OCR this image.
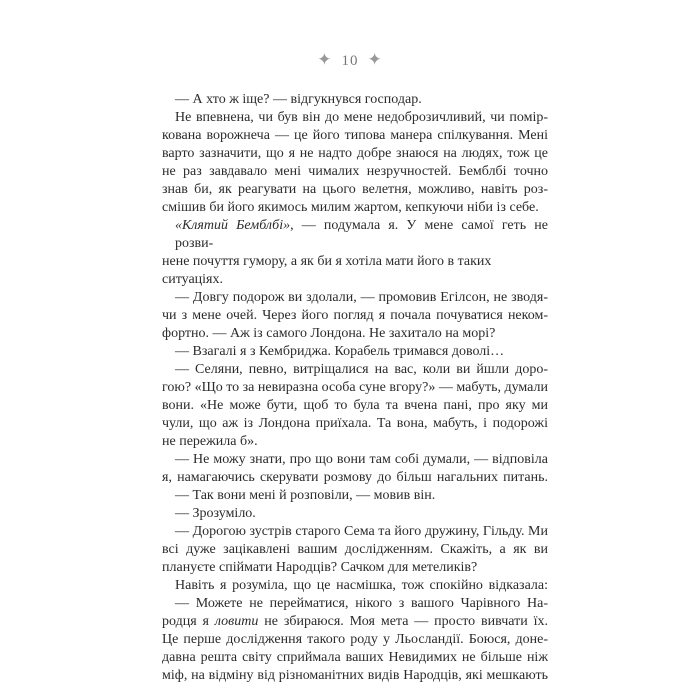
✦ 10 ✦
— А хто ж іще? — відгукнувся господар.
Не впевнена, чи був він до мене недоброзичливий, чи помір-
кована ворожнеча — це його типова манера спілкування. Мені
варто зазначити, що я не надто добре знаюся на людях, тож це
не раз завдавало мені чималих незручностей. Бемблбі точно
знав би, як реагувати на цього велетня, можливо, навіть роз-
смішив би його якимось милим жартом, кепкуючи ніби із себе.
«Клятий Бемблбі», — подумала я. У мене самої геть не розви-
нене почуття гумору, а як би я хотіла мати його в таких ситуаціях.
— Довгу подорож ви здолали, — промовив Егілсон, не зводя-
чи з мене очей. Через його погляд я почала почуватися неком-
фортно. — Аж із самого Лондона. Не захитало на морі?
— Взагалі я з Кембриджа. Корабель тримався доволі…
— Селяни, певно, витріщалися на вас, коли ви йшли доро-
гою? «Що то за невиразна особа суне вгору?» — мабуть, думали
вони. «Не може бути, щоб то була та вчена пані, про яку ми
чули, що аж із Лондона приїхала. Та вона, мабуть, і подорожі
не пережила б».
— Не можу знати, про що вони там собі думали, — відповіла
я, намагаючись скерувати розмову до більш нагальних питань.
— Так вони мені й розповіли, — мовив він.
— Зрозуміло.
— Дорогою зустрів старого Сема та його дружину, Гільду. Ми
всі дуже зацікавлені вашим дослідженням. Скажіть, а як ви
плануєте спіймати Народців? Сачком для метеликів?
Навіть я розуміла, що це насмішка, тож спокійно відказала:
— Можете не перейматися, нікого з вашого Чарівного На-
родця я ловити не збираюся. Моя мета — просто вивчати їх.
Це перше дослідження такого роду у Льосландії. Боюся, доне-
давна решта світу сприймала ваших Невидимих не більше ніж
міф, на відміну від різноманітних видів Народців, які мешкають
